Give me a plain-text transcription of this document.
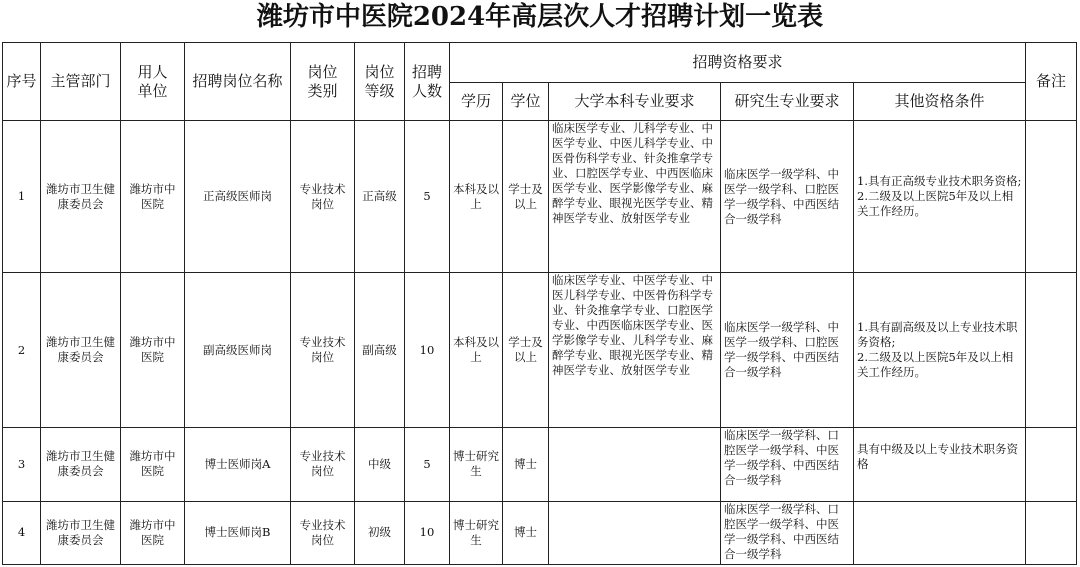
潍坊市中医院2024年高层次人才招聘计划一览表
序号	主管部门	用人单位	招聘岗位名称	岗位类别	岗位等级	招聘人数	招聘资格要求					备注
							学历	学位	大学本科专业要求	研究生专业要求	其他资格条件	
1	潍坊市卫生健康委员会	潍坊市中医院	正高级医师岗	专业技术岗位	正高级	5	本科及以上	学士及以上	临床医学专业、儿科学专业、中医学专业、中医儿科学专业、中医骨伤科学专业、针灸推拿学专业、口腔医学专业、中西医临床医学专业、医学影像学专业、麻醉学专业、眼视光医学专业、精神医学专业、放射医学专业	临床医学一级学科、中医学一级学科、口腔医学一级学科、中西医结合一级学科	1.具有正高级专业技术职务资格;
2.二级及以上医院5年及以上相关工作经历。	

2	潍坊市卫生健康委员会	潍坊市中医院	副高级医师岗	专业技术岗位	副高级	10	本科及以上	学士及以上	临床医学专业、中医学专业、中医儿科学专业、中医骨伤科学专业、针灸推拿学专业、口腔医学专业、中西医临床医学专业、医学影像学专业、儿科学专业、麻醉学专业、眼视光医学专业、精神医学专业、放射医学专业	临床医学一级学科、中医学一级学科、口腔医学一级学科、中西医结合一级学科	1.具有副高级及以上专业技术职务资格;
2.二级及以上医院5年及以上相关工作经历。	

3	潍坊市卫生健康委员会	潍坊市中医院	博士医师岗A	专业技术岗位	中级	5	博士研究生	博士		临床医学一级学科、口腔医学一级学科、中医学一级学科、中西医结合一级学科	具有中级及以上专业技术职务资格	

4	潍坊市卫生健康委员会	潍坊市中医院	博士医师岗B	专业技术岗位	初级	10	博士研究生	博士		临床医学一级学科、口腔医学一级学科、中医学一级学科、中西医结合一级学科	
